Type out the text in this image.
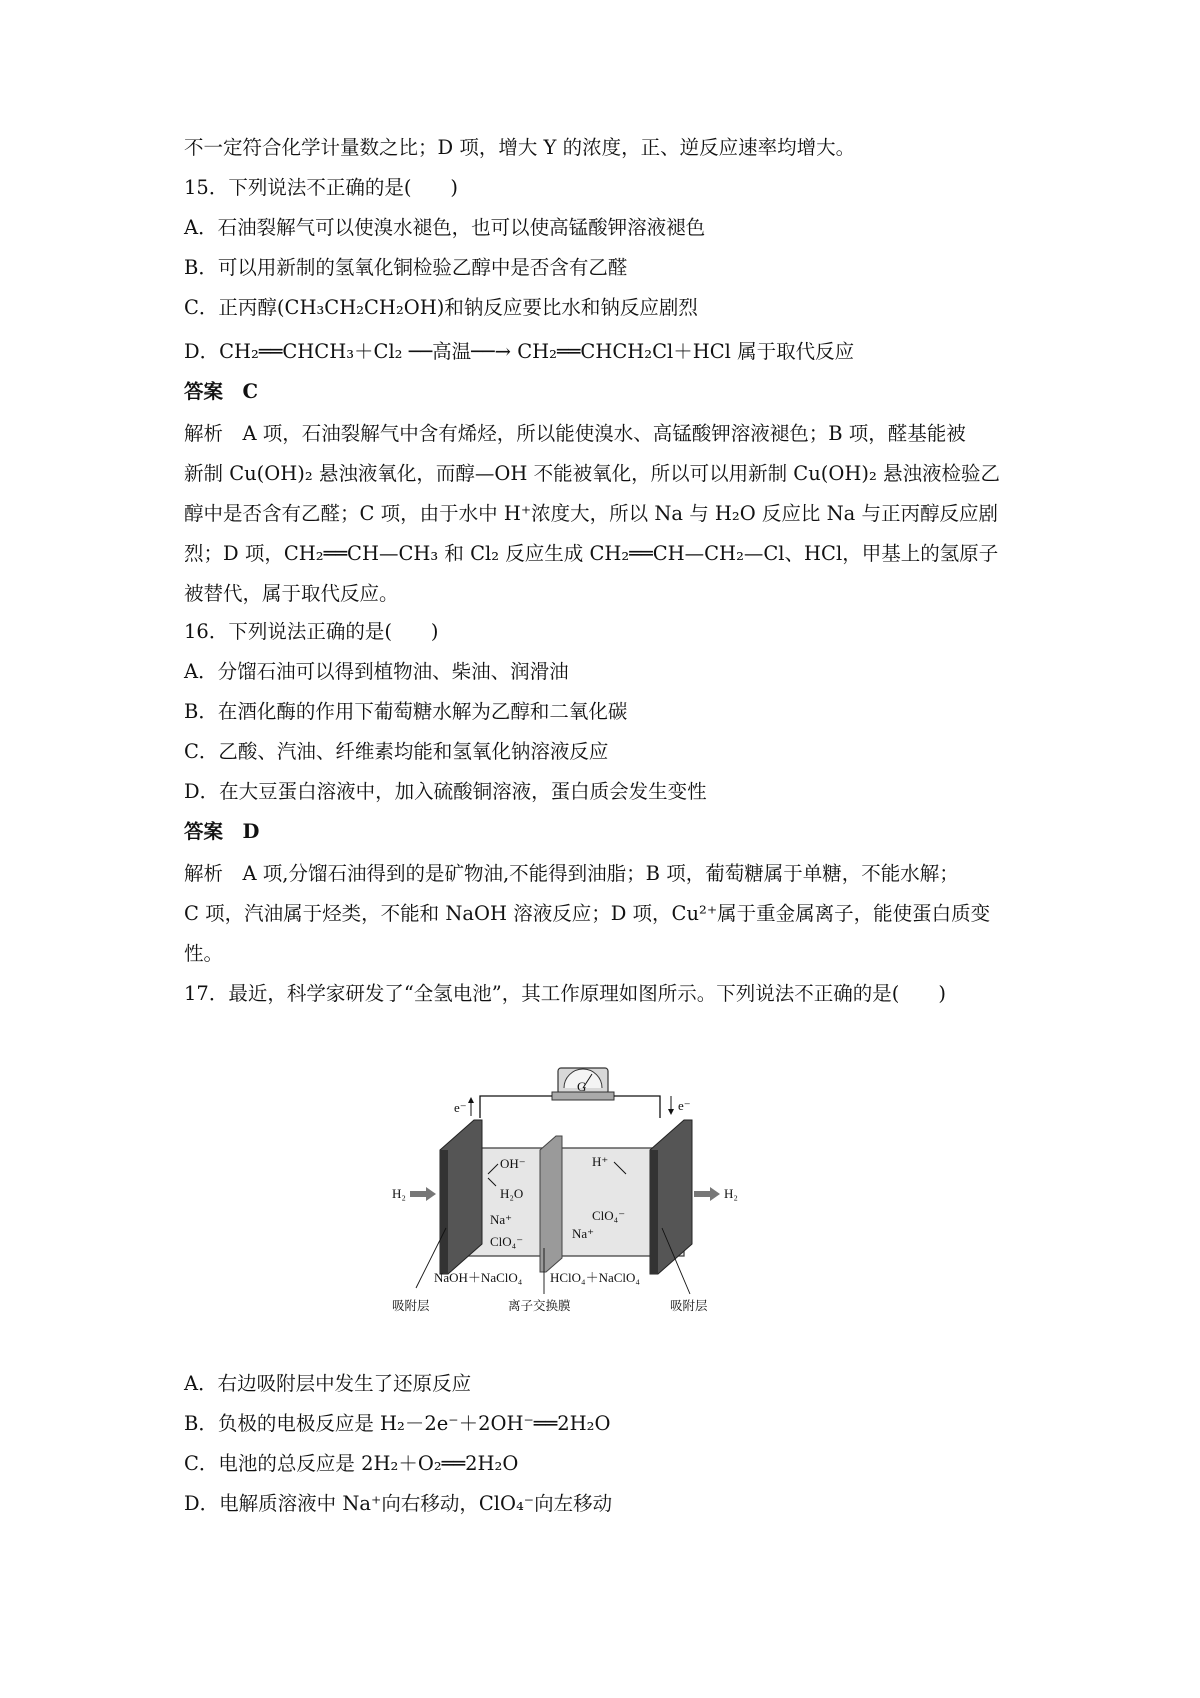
不一定符合化学计量数之比；D 项，增大 Y 的浓度，正、逆反应速率均增大。
15．下列说法不正确的是(　　)
A．石油裂解气可以使溴水褪色，也可以使高锰酸钾溶液褪色
B．可以用新制的氢氧化铜检验乙醇中是否含有乙醛
C．正丙醇(CH₃CH₂CH₂OH)和钠反应要比水和钠反应剧烈
D．CH₂══CHCH₃＋Cl₂ ──高温──→ CH₂══CHCH₂Cl＋HCl 属于取代反应
答案　C
解析　A 项，石油裂解气中含有烯烃，所以能使溴水、高锰酸钾溶液褪色；B 项，醛基能被
新制 Cu(OH)₂ 悬浊液氧化，而醇—OH 不能被氧化，所以可以用新制 Cu(OH)₂ 悬浊液检验乙
醇中是否含有乙醛；C 项，由于水中 H⁺浓度大，所以 Na 与 H₂O 反应比 Na 与正丙醇反应剧
烈；D 项，CH₂══CH—CH₃ 和 Cl₂ 反应生成 CH₂══CH—CH₂—Cl、HCl，甲基上的氢原子
被替代，属于取代反应。
16．下列说法正确的是(　　)
A．分馏石油可以得到植物油、柴油、润滑油
B．在酒化酶的作用下葡萄糖水解为乙醇和二氧化碳
C．乙酸、汽油、纤维素均能和氢氧化钠溶液反应
D．在大豆蛋白溶液中，加入硫酸铜溶液，蛋白质会发生变性
答案　D
解析　A 项,分馏石油得到的是矿物油,不能得到油脂；B 项，葡萄糖属于单糖，不能水解；
C 项，汽油属于烃类，不能和 NaOH 溶液反应；D 项，Cu²⁺属于重金属离子，能使蛋白质变
性。
17．最近，科学家研发了“全氢电池”，其工作原理如图所示。下列说法不正确的是(　　)
G
e⁻	e⁻
H₂	H₂
OH⁻
H₂O
Na⁺
ClO₄⁻
H⁺
ClO₄⁻
Na⁺
NaOH＋NaClO₄ HClO₄＋NaClO₄
吸附层	离子交换膜	吸附层
A．右边吸附层中发生了还原反应
B．负极的电极反应是 H₂－2e⁻＋2OH⁻══2H₂O
C．电池的总反应是 2H₂＋O₂══2H₂O
D．电解质溶液中 Na⁺向右移动，ClO₄⁻向左移动
